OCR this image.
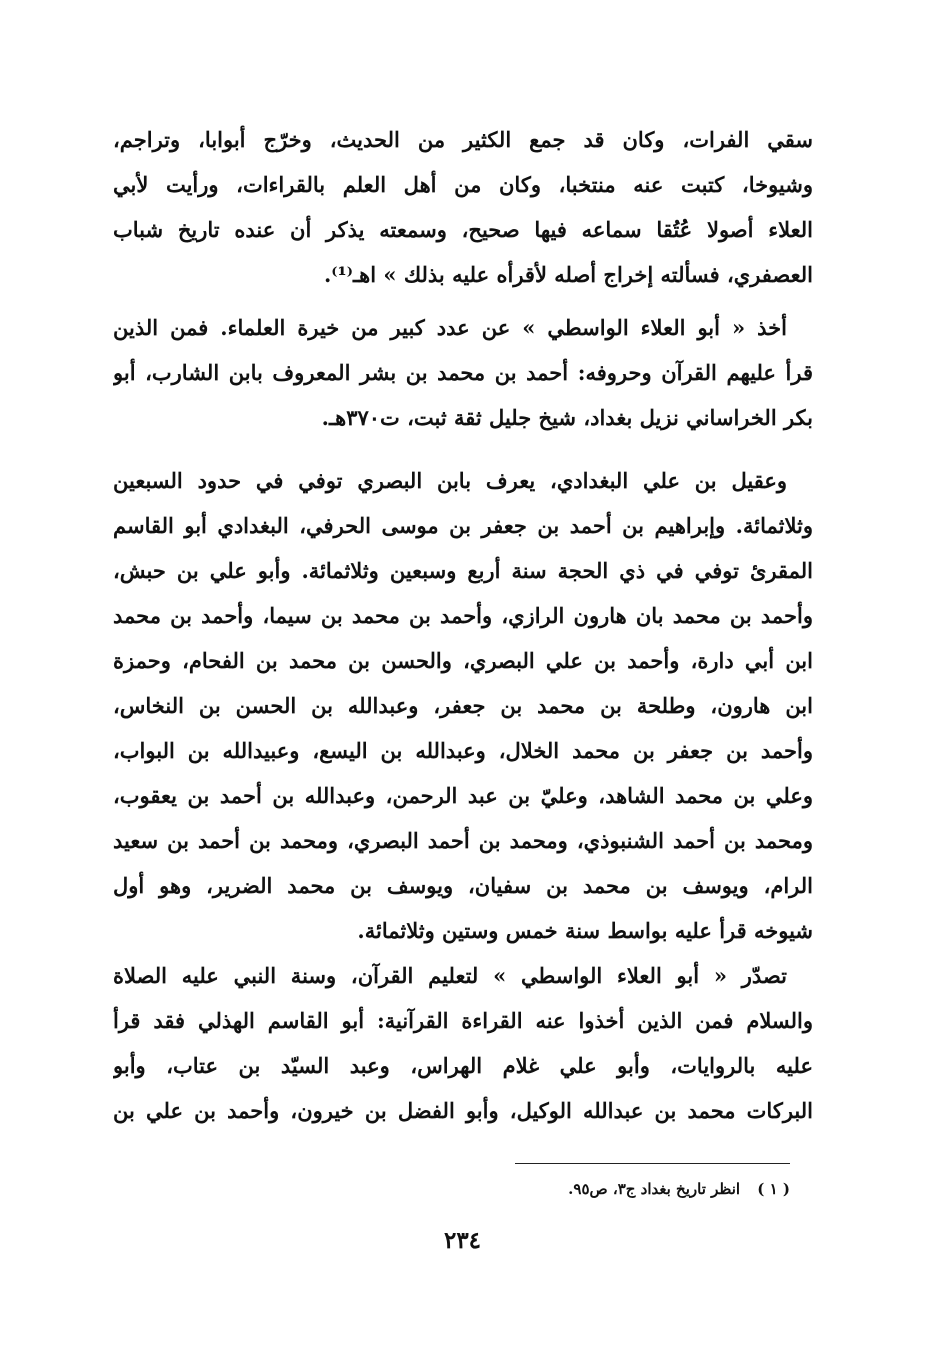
سقي الفرات، وكان قد جمع الكثير من الحديث، وخرّج أبوابا، وتراجم،
وشيوخا، كتبت عنه منتخبا، وكان من أهل العلم بالقراءات، ورأيت لأبي
العلاء أصولا عُتُقا سماعه فيها صحيح، وسمعته يذكر أن عنده تاريخ شباب
العصفري، فسألته إخراج أصله لأقرأه عليه بذلك » اهـ⁽¹⁾.

أخذ « أبو العلاء الواسطي » عن عدد كبير من خيرة العلماء. فمن الذين
قرأ عليهم القرآن وحروفه: أحمد بن محمد بن بشر المعروف بابن الشارب، أبو
بكر الخراساني نزيل بغداد، شيخ جليل ثقة ثبت، ت٣٧٠هـ.

وعقيل بن علي البغدادي، يعرف بابن البصري توفي في حدود السبعين
وثلاثمائة. وإبراهيم بن أحمد بن جعفر بن موسى الحرفي، البغدادي أبو القاسم
المقرئ توفي في ذي الحجة سنة أربع وسبعين وثلاثمائة. وأبو علي بن حبش،
وأحمد بن محمد بان هارون الرازي، وأحمد بن محمد بن سيما، وأحمد بن محمد
ابن أبي دارة، وأحمد بن علي البصري، والحسن بن محمد بن الفحام، وحمزة
ابن هارون، وطلحة بن محمد بن جعفر، وعبدالله بن الحسن بن النخاس،
وأحمد بن جعفر بن محمد الخلال، وعبدالله بن اليسع، وعبيدالله بن البواب،
وعلي بن محمد الشاهد، وعليّ بن عبد الرحمن، وعبدالله بن أحمد بن يعقوب،
ومحمد بن أحمد الشنبوذي، ومحمد بن أحمد البصري، ومحمد بن أحمد بن سعيد
الرام، ويوسف بن محمد بن سفيان، ويوسف بن محمد الضرير، وهو أول
شيوخه قرأ عليه بواسط سنة خمس وستين وثلاثمائة.

تصدّر « أبو العلاء الواسطي » لتعليم القرآن، وسنة النبي عليه الصلاة
والسلام فمن الذين أخذوا عنه القراءة القرآنية: أبو القاسم الهذلي فقد قرأ
عليه بالروايات، وأبو علي غلام الهراس، وعبد السيّد بن عتاب، وأبو
البركات محمد بن عبدالله الوكيل، وأبو الفضل بن خيرون، وأحمد بن علي بن

( ١ ) انظر تاريخ بغداد ج٣، ص٩٥.
٢٣٤
